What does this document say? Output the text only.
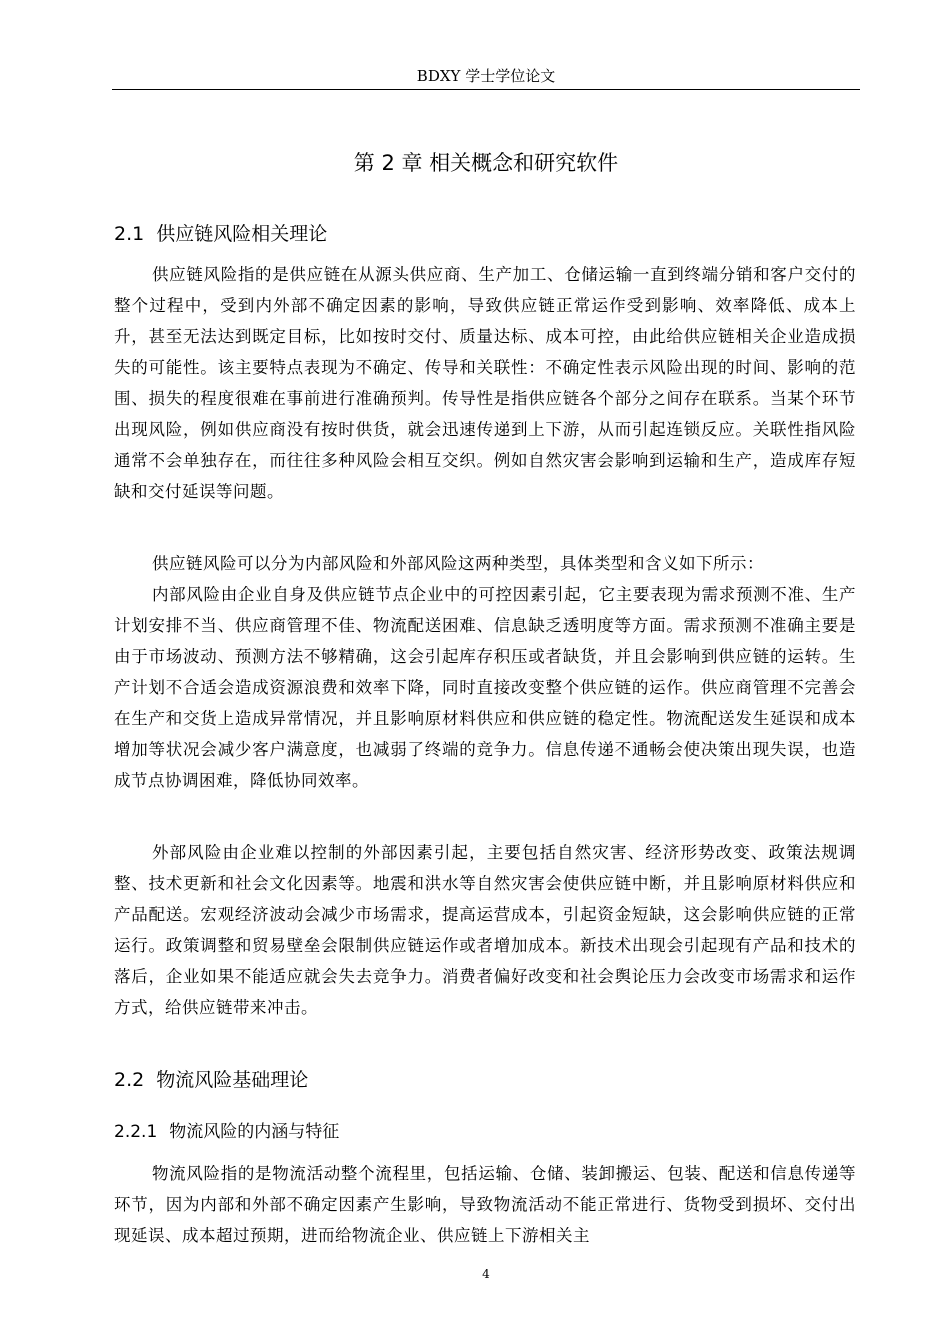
BDXY 学士学位论文
第 2 章 相关概念和研究软件
2.1 供应链风险相关理论

供应链风险指的是供应链在从源头供应商、生产加工、仓储运输一直到终端分销和客户交付的整个过程中，受到内外部不确定因素的影响，导致供应链正常运作受到影响、效率降低、成本上升，甚至无法达到既定目标，比如按时交付、质量达标、成本可控，由此给供应链相关企业造成损失的可能性。该主要特点表现为不确定、传导和关联性：不确定性表示风险出现的时间、影响的范围、损失的程度很难在事前进行准确预判。传导性是指供应链各个部分之间存在联系。当某个环节出现风险，例如供应商没有按时供货，就会迅速传递到上下游，从而引起连锁反应。关联性指风险通常不会单独存在，而往往多种风险会相互交织。例如自然灾害会影响到运输和生产，造成库存短缺和交付延误等问题。

供应链风险可以分为内部风险和外部风险这两种类型，具体类型和含义如下所示：

内部风险由企业自身及供应链节点企业中的可控因素引起，它主要表现为需求预测不准、生产计划安排不当、供应商管理不佳、物流配送困难、信息缺乏透明度等方面。需求预测不准确主要是由于市场波动、预测方法不够精确，这会引起库存积压或者缺货，并且会影响到供应链的运转。生产计划不合适会造成资源浪费和效率下降，同时直接改变整个供应链的运作。供应商管理不完善会在生产和交货上造成异常情况，并且影响原材料供应和供应链的稳定性。物流配送发生延误和成本增加等状况会减少客户满意度，也减弱了终端的竞争力。信息传递不通畅会使决策出现失误，也造成节点协调困难，降低协同效率。

外部风险由企业难以控制的外部因素引起，主要包括自然灾害、经济形势改变、政策法规调整、技术更新和社会文化因素等。地震和洪水等自然灾害会使供应链中断，并且影响原材料供应和产品配送。宏观经济波动会减少市场需求，提高运营成本，引起资金短缺，这会影响供应链的正常运行。政策调整和贸易壁垒会限制供应链运作或者增加成本。新技术出现会引起现有产品和技术的落后，企业如果不能适应就会失去竞争力。消费者偏好改变和社会舆论压力会改变市场需求和运作方式，给供应链带来冲击。

2.2 物流风险基础理论
2.2.1 物流风险的内涵与特征

物流风险指的是物流活动整个流程里，包括运输、仓储、装卸搬运、包装、配送和信息传递等环节，因为内部和外部不确定因素产生影响，导致物流活动不能正常进行、货物受到损坏、交付出现延误、成本超过预期，进而给物流企业、供应链上下游相关主

4
